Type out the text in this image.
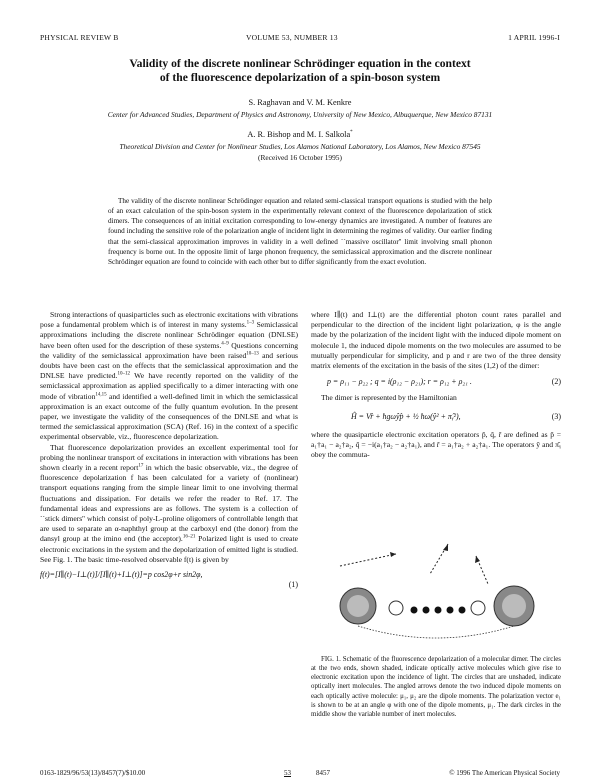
PHYSICAL REVIEW B	VOLUME 53, NUMBER 13	1 APRIL 1996-I
Validity of the discrete nonlinear Schrödinger equation in the context
of the fluorescence depolarization of a spin-boson system
S. Raghavan and V. M. Kenkre
Center for Advanced Studies, Department of Physics and Astronomy, University of New Mexico, Albuquerque, New Mexico 87131
A. R. Bishop and M. I. Salkola*
Theoretical Division and Center for Nonlinear Studies, Los Alamos National Laboratory, Los Alamos, New Mexico 87545
(Received 16 October 1995)
The validity of the discrete nonlinear Schrödinger equation and related semi-classical transport equations is studied with the help of an exact calculation of the spin-boson system in the experimentally relevant context of the fluorescence depolarization of stick dimers. The consequences of an initial excitation corresponding to low-energy dynamics are investigated. A number of features are found including the sensitive role of the polarization angle of incident light in determining the regimes of validity. Our earlier finding that the semi-classical approximation improves in validity in a well defined ``massive oscillator'' limit involving small phonon frequency is borne out. In the opposite limit of large phonon frequency, the semiclassical approximation and the discrete nonlinear Schrödinger equation are found to coincide with each other but to differ significantly from the exact evolution.

Strong interactions of quasiparticles such as electronic excitations with vibrations pose a fundamental problem which is of interest in many systems.$^{1-3}$ Semiclassical approximations including the discrete nonlinear Schrödinger equation (DNLSE) have been often used for the description of these systems.$^{4-9}$ Questions concerning the validity of the semiclassical approximation have been raised$^{10-13}$ and serious doubts have been cast on the effects that the semiclassical approximation and the DNLSE have predicted.$^{10-12}$ We have recently reported on the validity of the semiclassical approximation as applied specifically to a dimer interacting with one mode of vibration$^{14,15}$ and identified a well-defined limit in which the semiclassical approximation is an exact outcome of the fully quantum evolution. In the present paper, we investigate the validity of the consequences of the DNLSE and what is termed the semiclassical approximation (SCA) (Ref. 16) in the context of a specific experimental observable, viz., fluorescence depolarization.

That fluorescence depolarization provides an excellent experimental tool for probing the nonlinear transport of excitations in interaction with vibrations has been shown clearly in a recent report$^{17}$ in which the basic observable, viz., the degree of fluorescence depolarization f has been calculated for a variety of (nonlinear) transport equations ranging from the simple linear limit to one involving thermal fluctuations and dissipation. For details we refer the reader to Ref. 17. The fundamental ideas and expressions are as follows. The system is a collection of ``stick dimers'' which consist of poly-L-proline oligomers of controllable length that are used to separate an α-naphthyl group at the carboxyl end (the donor) from the dansyl group at the imino end (the acceptor).$^{16-21}$ Polarized light is used to create electronic excitations in the system and the depolarization of emitted light is studied. See Fig. 1. The basic time-resolved observable f(t) is given by

f(t)=[I∥(t)−I⊥(t)]/[I∥(t)+I⊥(t)]=p cos2φ+r sin2φ,
(1)

where I∥(t) and I⊥(t) are the differential photon count rates parallel and perpendicular to the direction of the incident light polarization, φ is the angle made by the polarization of the incident light with the induced dipole moment on molecule 1, the induced dipole moments on the two molecules are assumed to be mutually perpendicular for simplicity, and p and r are two of the three density matrix elements of the excitation in the basis of the sites (1,2) of the dimer:

p = ρ₁₁ − ρ₂₂ ; q = i(ρ₁₂ − ρ₂₁); r = ρ₁₂ + ρ₂₁ .	(2)

The dimer is represented by the Hamiltonian

Ĥ = Vr̂ + ħgωŷp̂ + ½ ħω(ŷ² + π̂ᵧ²),	(3)

where the quasiparticle electronic excitation operators p̂, q̂, r̂ are defined as p̂ = a₁†a₁ − a₂†a₂, q̂ = −i(a₁†a₂ − a₂†a₁), and r̂ = a₁†a₂ + a₂†a₁. The operators ŷ and π̂ᵧ obey the commuta-

FIG. 1. Schematic of the fluorescence depolarization of a molecular dimer. The circles at the two ends, shown shaded, indicate optically active molecules which give rise to electronic excitation upon the incidence of light. The circles that are unshaded, indicate optically inert molecules. The angled arrows denote the two induced dipole moments on each optically active molecule: μ₁, μ₂ are the dipole moments. The polarization vector e₁ is shown to be at an angle φ with one of the dipole moments, μ₁. The dark circles in the middle show the variable number of inert molecules.
0163-1829/96/53(13)/8457(7)/$10.00	53	8457	© 1996 The American Physical Society
